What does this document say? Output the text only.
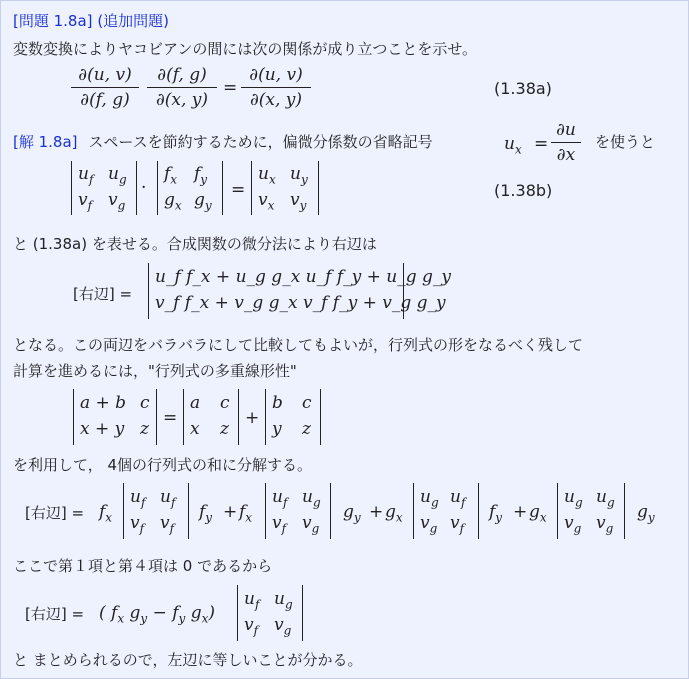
[問題 1.8a] (追加問題)
変数変換によりヤコビアンの間には次の関係が成り立つことを示せ。
∂(u, v)
∂(f, g)
∂(f, g)
∂(x, y)
=
∂(u, v)
∂(x, y)
(1.38a)
[解 1.8a] スペースを節約するために，偏微分係数の省略記号	$u_x$ =
∂u
∂x
を使うと
$u_f$ $u_g$
$v_f$ $v_g$
·
$f_x$ $f_y$
$g_x$ $g_y$
=
$u_x$ $u_y$
$v_x$ $v_y$
(1.38b)
と (1.38a) を表せる。合成関数の微分法により右辺は
[右辺] =
u_f f_x + u_g g_x u_f f_y + u_g g_y
v_f f_x + v_g g_x v_f f_y + v_g g_y
となる。この両辺をバラバラにして比較してもよいが，行列式の形をなるべく残して
計算を進めるには，"行列式の多重線形性"
a + b c
x + y z
=
a c
x z
+
b c
y z
を利用して， 4個の行列式の和に分解する。
[右辺] = $f_x$
$u_f$ $u_f$
$v_f$ $v_f$
$f_y + f_x$
$u_f$ $u_g$
$v_f$ $v_g$
$g_y + g_x$
$u_g$ $u_f$
$v_g$ $v_f$
$f_y + g_x$
$u_g$ $u_g$
$v_g$ $v_g$
$g_y$
ここで第１項と第４項は 0 であるから
[右辺] = ( $f_x$ $g_y - f_y$ $g_x$)
$u_f$ $u_g$
$v_f$ $v_g$
と まとめられるので，左辺に等しいことが分かる。
